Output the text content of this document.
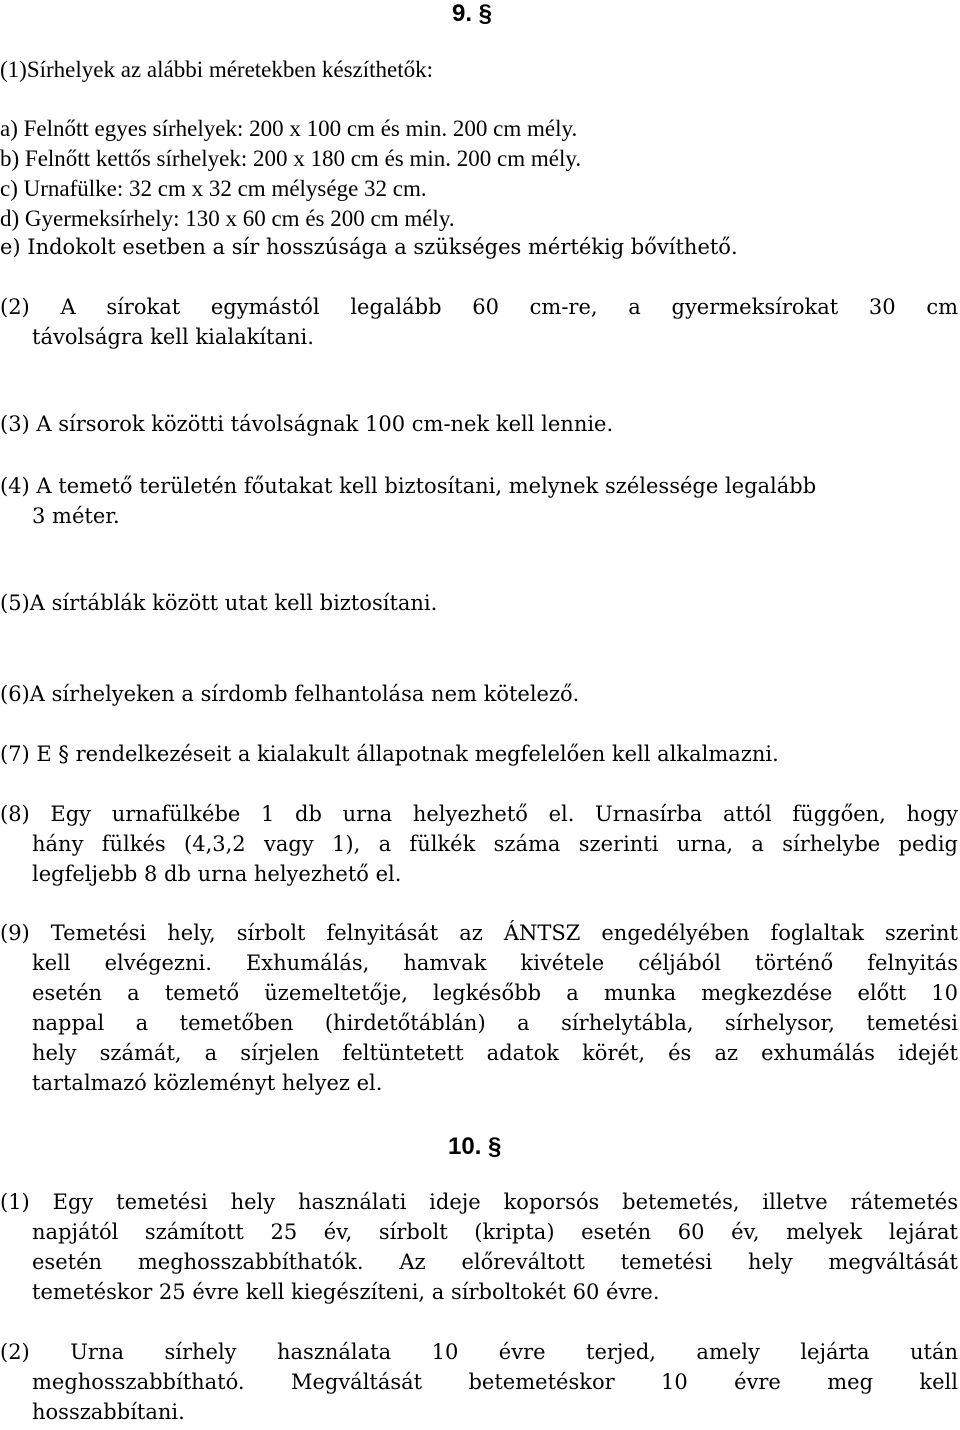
9. §
(1)Sírhelyek az alábbi méretekben készíthetők:
a) Felnőtt egyes sírhelyek: 200 x 100 cm és min. 200 cm mély.
b) Felnőtt kettős sírhelyek: 200 x 180 cm és min. 200 cm mély.
c) Urnafülke: 32 cm x 32 cm mélysége 32 cm.
d) Gyermeksírhely: 130 x 60 cm és 200 cm mély.
e) Indokolt esetben a sír hosszúsága a szükséges mértékig bővíthető.
(2) A sírokat egymástól legalább 60 cm-re, a gyermeksírokat 30 cm
távolságra kell kialakítani.
(3) A sírsorok közötti távolságnak 100 cm-nek kell lennie.
(4) A temető területén főutakat kell biztosítani, melynek szélessége legalább
3 méter.
(5)A sírtáblák között utat kell biztosítani.
(6)A sírhelyeken a sírdomb felhantolása nem kötelező.
(7) E § rendelkezéseit a kialakult állapotnak megfelelően kell alkalmazni.
(8) Egy urnafülkébe 1 db urna helyezhető el. Urnasírba attól függően, hogy
hány fülkés (4,3,2 vagy 1), a fülkék száma szerinti urna, a sírhelybe pedig
legfeljebb 8 db urna helyezhető el.
(9) Temetési hely, sírbolt felnyitását az ÁNTSZ engedélyében foglaltak szerint
kell elvégezni. Exhumálás, hamvak kivétele céljából történő felnyitás
esetén a temető üzemeltetője, legkésőbb a munka megkezdése előtt 10
nappal a temetőben (hirdetőtáblán) a sírhelytábla, sírhelysor, temetési
hely számát, a sírjelen feltüntetett adatok körét, és az exhumálás idejét
tartalmazó közleményt helyez el.
10. §
(1) Egy temetési hely használati ideje koporsós betemetés, illetve rátemetés
napjától számított 25 év, sírbolt (kripta) esetén 60 év, melyek lejárat
esetén meghosszabbíthatók. Az előreváltott temetési hely megváltását
temetéskor 25 évre kell kiegészíteni, a sírboltokét 60 évre.
(2) Urna sírhely használata 10 évre terjed, amely lejárta után
meghosszabbítható. Megváltását betemetéskor 10 évre meg kell
hosszabbítani.
